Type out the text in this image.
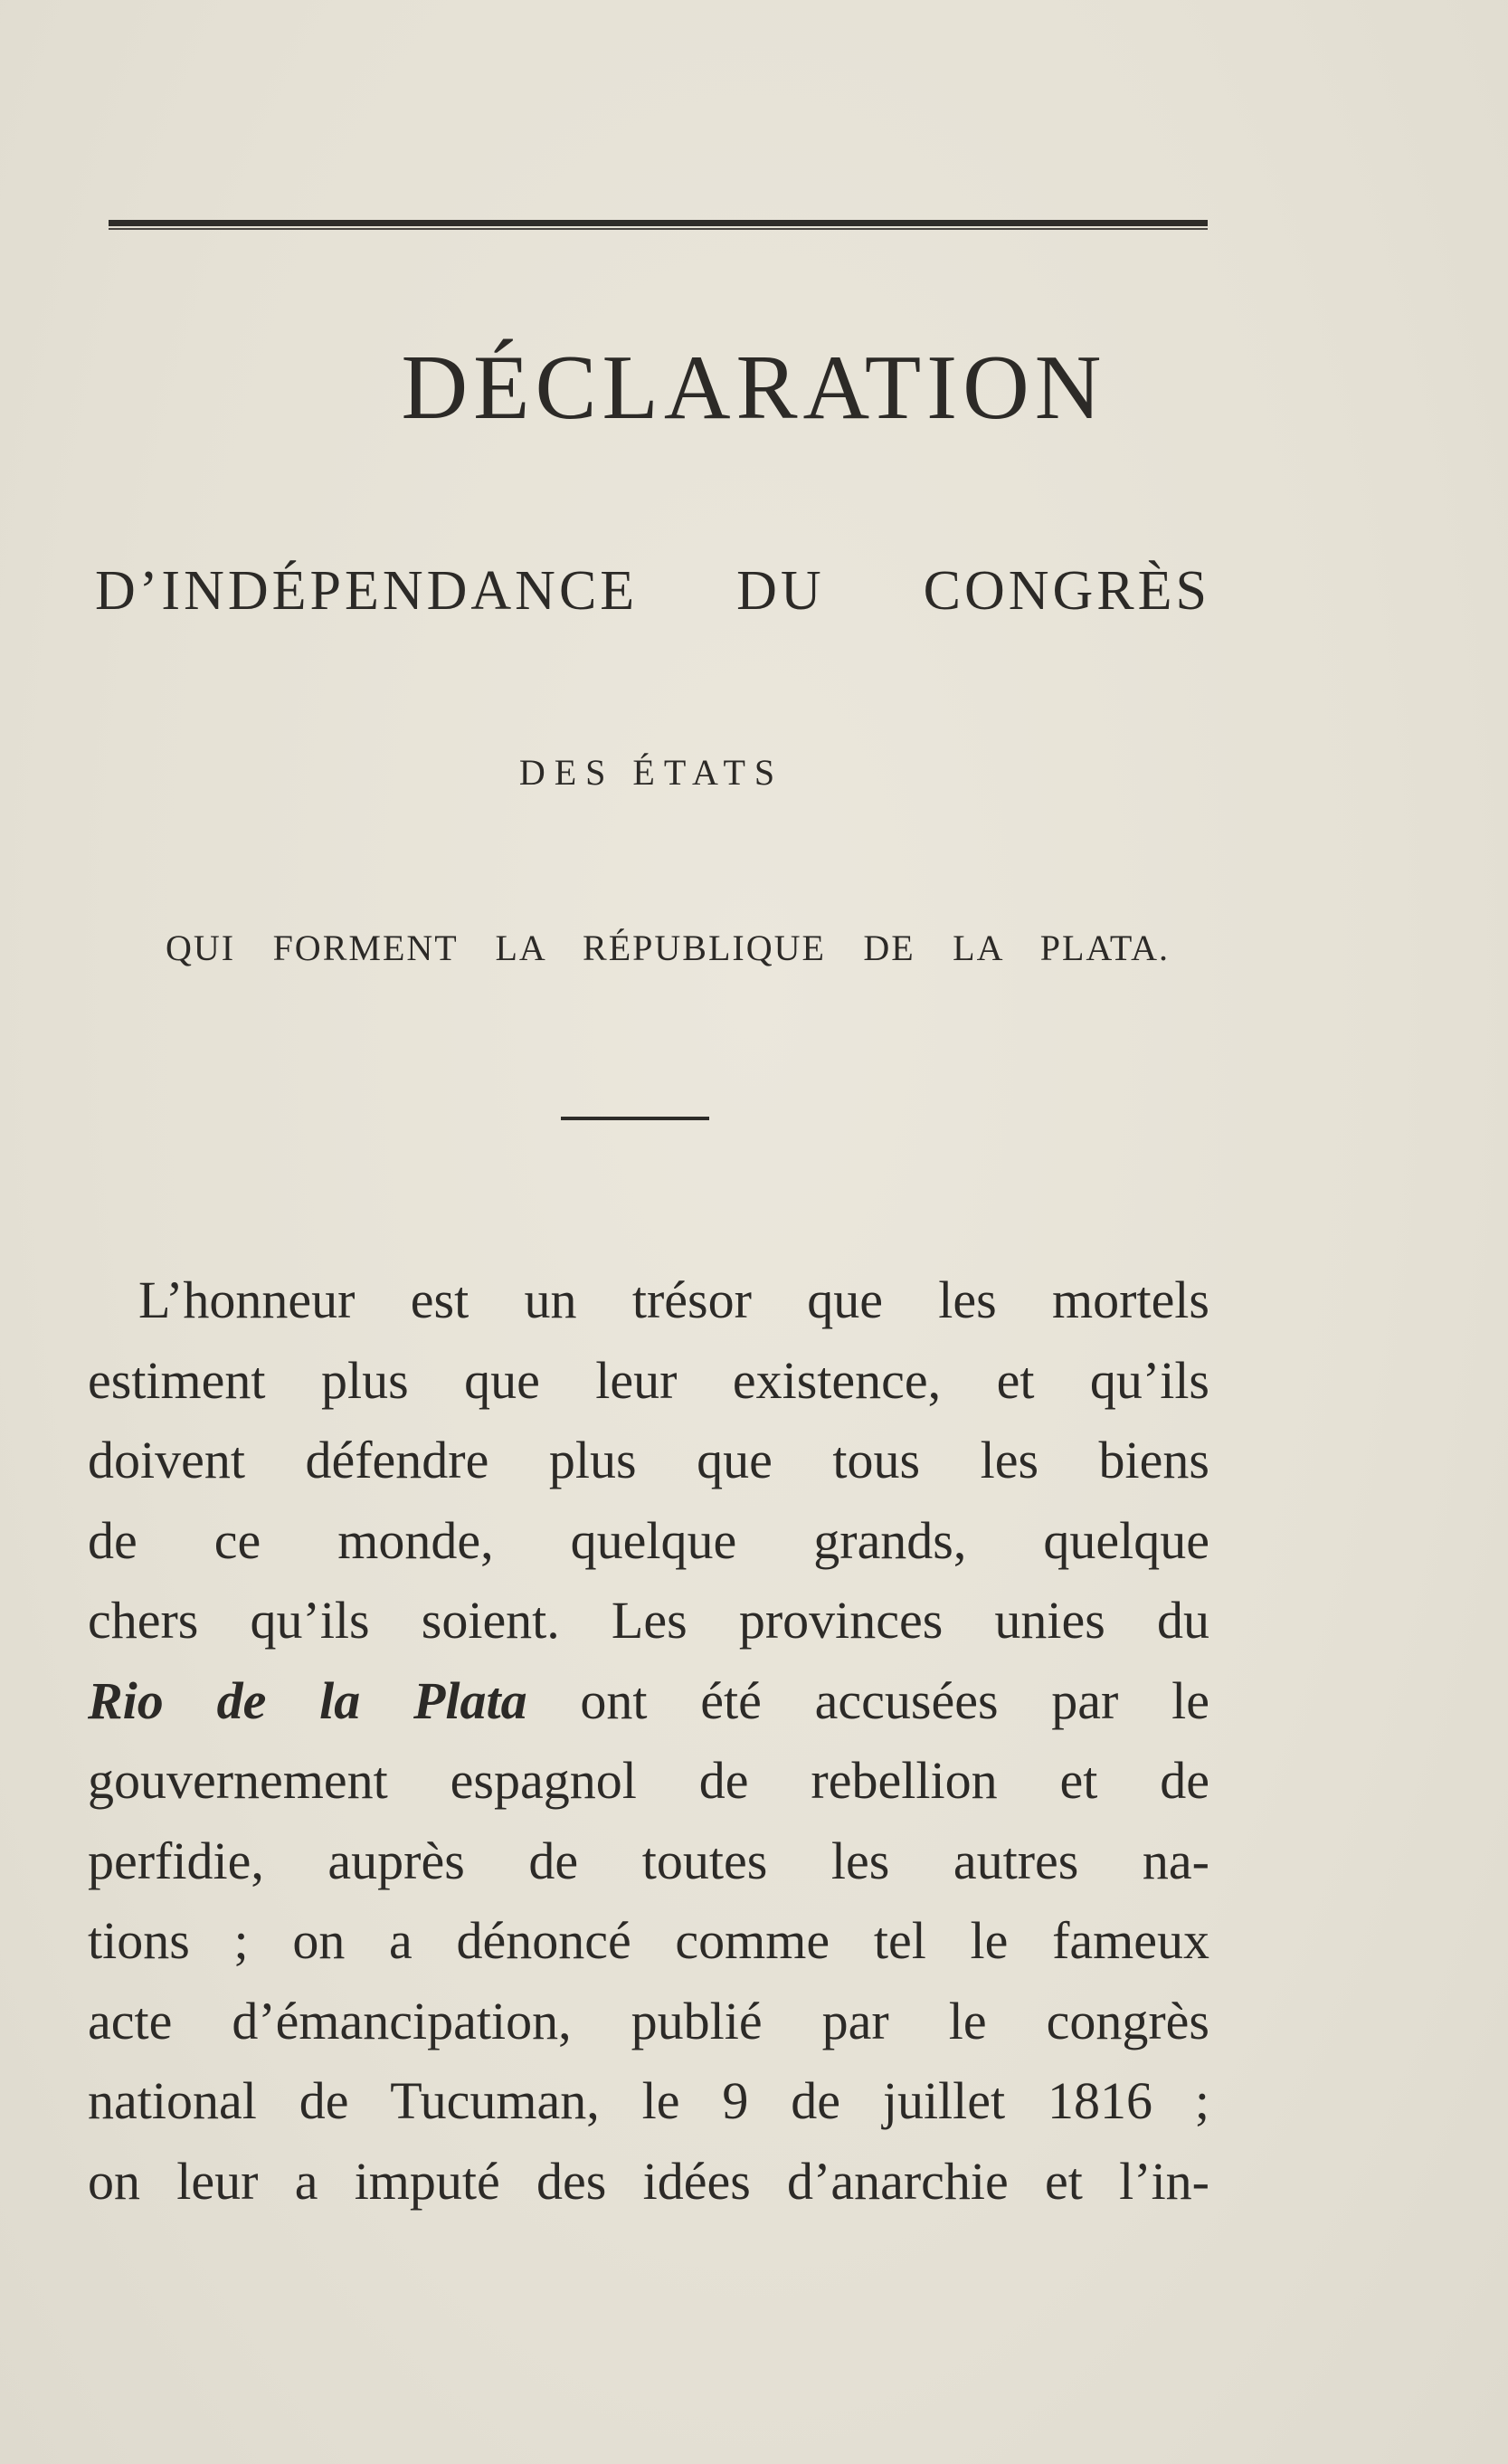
DÉCLARATION
D’INDÉPENDANCE DU CONGRÈS
DES ÉTATS
QUI FORMENT LA RÉPUBLIQUE DE LA PLATA.
L’honneur est un trésor que les mortels
estiment plus que leur existence, et qu’ils
doivent défendre plus que tous les biens
de ce monde, quelque grands, quelque
chers qu’ils soient. Les provinces unies du
Rio de la Plata ont été accusées par le
gouvernement espagnol de rebellion et de
perfidie, auprès de toutes les autres na-
tions ; on a dénoncé comme tel le fameux
acte d’émancipation, publié par le congrès
national de Tucuman, le 9 de juillet 1816 ;
on leur a imputé des idées d’anarchie et l’in-
